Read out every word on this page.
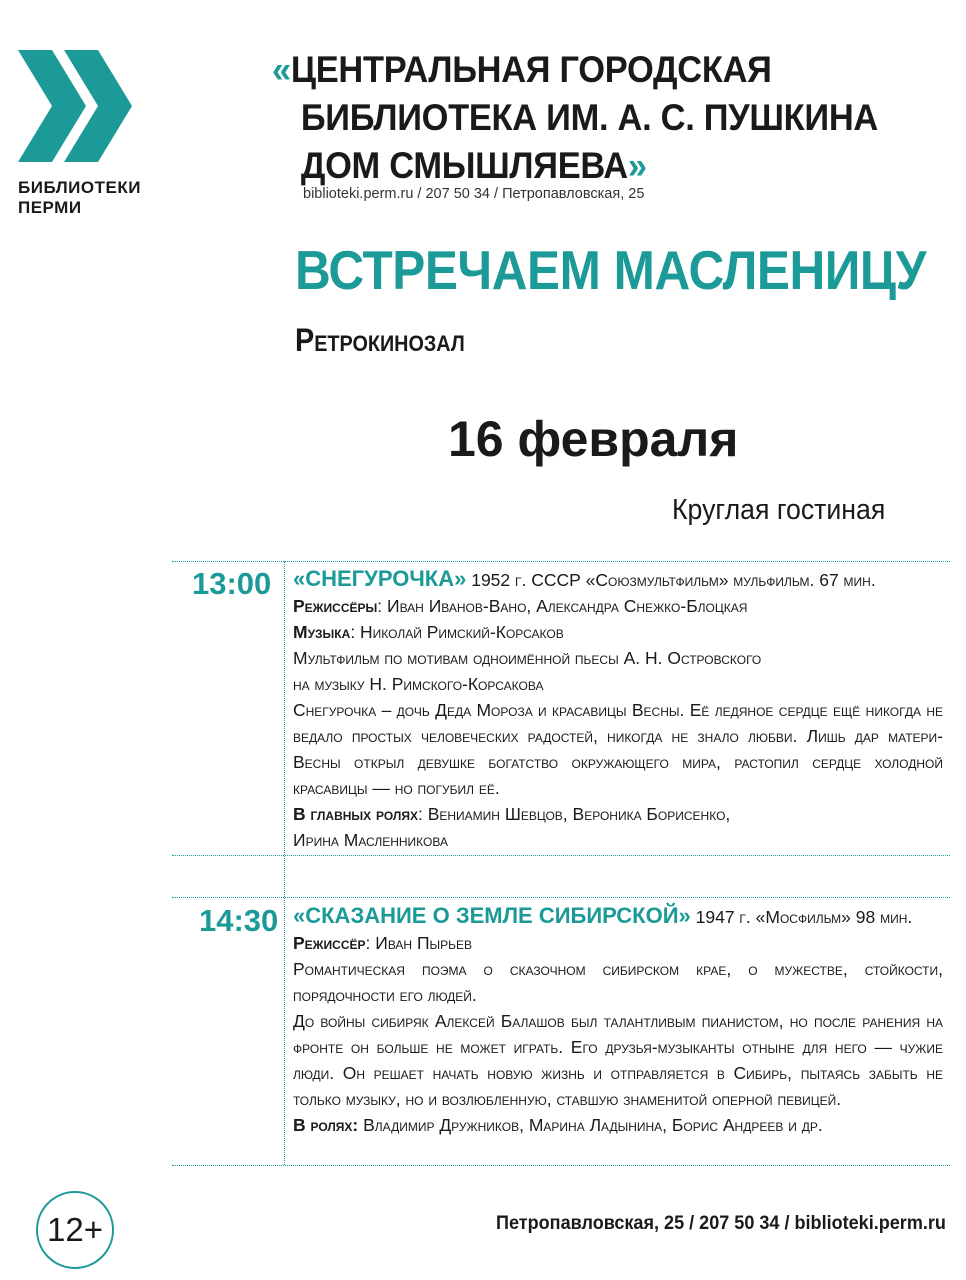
БИБЛИОТЕКИ
ПЕРМИ
«ЦЕНТРАЛЬНАЯ ГОРОДСКАЯ
БИБЛИОТЕКА ИМ. А. С. ПУШКИНА
ДОМ СМЫШЛЯЕВА»
biblioteki.perm.ru / 207 50 34 / Петропавловская, 25
ВСТРЕЧАЕМ МАСЛЕНИЦУ
Ретрокинозал
16 февраля
Круглая гостиная
13:00 «СНЕГУРОЧКА» 1952 г. СССР «Союзмультфильм» мульфильм. 67 мин.
Режиссёры: Иван Иванов-Вано, Александра Снежко-Блоцкая
Музыка: Николай Римский-Корсаков
Мультфильм по мотивам одноимённой пьесы А. Н. Островского
на музыку Н. Римского-Корсакова
Снегурочка – дочь Деда Мороза и красавицы Весны. Её ледяное сердце ещё никогда не ведало простых человеческих радостей, никогда не знало любви. Лишь дар матери-Весны открыл девушке богатство окружающего мира, растопил сердце холодной красавицы — но погубил её.
В главных ролях: Вениамин Шевцов, Вероника Борисенко,
Ирина Масленникова
14:30 «СКАЗАНИЕ О ЗЕМЛЕ СИБИРСКОЙ» 1947 г. «Мосфильм» 98 мин.
Режиссёр: Иван Пырьев
Романтическая поэма о сказочном сибирском крае, о мужестве, стойкости, порядочности его людей.
До войны сибиряк Алексей Балашов был талантливым пианистом, но после ранения на фронте он больше не может играть. Его друзья-музыканты отныне для него — чужие люди. Он решает начать новую жизнь и отправляется в Сибирь, пытаясь забыть не только музыку, но и возлюбленную, ставшую знаменитой оперной певицей.
В ролях: Владимир Дружников, Марина Ладынина, Борис Андреев и др.
12+	Петропавловская, 25 / 207 50 34 / biblioteki.perm.ru
